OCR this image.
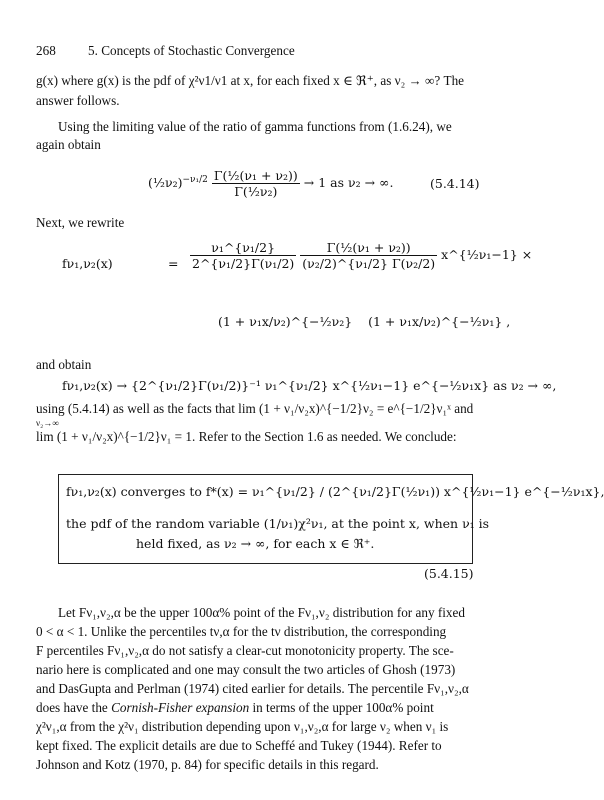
268 5. Concepts of Stochastic Convergence
g(x) where g(x) is the pdf of χ²ν1/ν1 at x, for each fixed x ∈ ℜ⁺, as ν₂ → ∞? The
answer follows.
Using the limiting value of the ratio of gamma functions from (1.6.24), we
again obtain
(½ν₂)$^{-\nu_1/2}$ $\frac{\text{Γ(½(ν₁ + ν₂))}}{\text{Γ(½ν₂)}} \to 1$ as ν₂ → ∞.	(5.4.14)
Next, we rewrite
fν₁,ν₂(x)	= $\frac{\text{ν₁\textasciicircum{}\{ν₁/2\}}}{\text{2\textasciicircum{}\{ν₁/2\}Γ(ν₁/2)}}$
$\frac{\text{Γ(½(ν₁ + ν₂))}}{\text{(ν₂/2)\textasciicircum{}\{ν₁/2\} Γ(ν₂/2)}}$ x^{½ν₁−1} ×
(1 + ν₁x/ν₂)^{−½ν₂} (1 + ν₁x/ν₂)^{−½ν₁} ,
and obtain
fν₁,ν₂(x) → {2^{ν₁/2}Γ(ν₁/2)}⁻¹ ν₁^{ν₁/2} x^{½ν₁−1} e^{−½ν₁x} as ν₂ → ∞,
using (5.4.14) as well as the facts that lim (1 + ν₁/ν₂x)^{−1/2}ν₂ = e^{−1/2}ν₁ˣ and
ν₂→∞
lim (1 + ν₁/ν₂x)^{−1/2}ν₁ = 1. Refer to the Section 1.6 as needed. We conclude:
fν₁,ν₂(x) converges to f*(x) = ν₁^{ν₁/2} / (2^{ν₁/2}Γ(½ν₁)) x^{½ν₁−1} e^{−½ν₁x},
the pdf of the random variable (1/ν₁)χ²ν₁, at the point x, when ν₁ is
held fixed, as ν₂ → ∞, for each x ∈ ℜ⁺.
(5.4.15)
Let Fν₁,ν₂,α be the upper 100α% point of the Fν₁,ν₂ distribution for any fixed
0 < α < 1. Unlike the percentiles tν,α for the tν distribution, the corresponding
F percentiles Fν₁,ν₂,α do not satisfy a clear-cut monotonicity property. The sce-
nario here is complicated and one may consult the two articles of Ghosh (1973)
and DasGupta and Perlman (1974) cited earlier for details. The percentile Fν₁,ν₂,α
does have the Cornish-Fisher expansion in terms of the upper 100α% point
χ²ν₁,α from the χ²ν₁ distribution depending upon ν₁,ν₂,α for large ν₂ when ν₁ is
kept fixed. The explicit details are due to Scheffé and Tukey (1944). Refer to
Johnson and Kotz (1970, p. 84) for specific details in this regard.
